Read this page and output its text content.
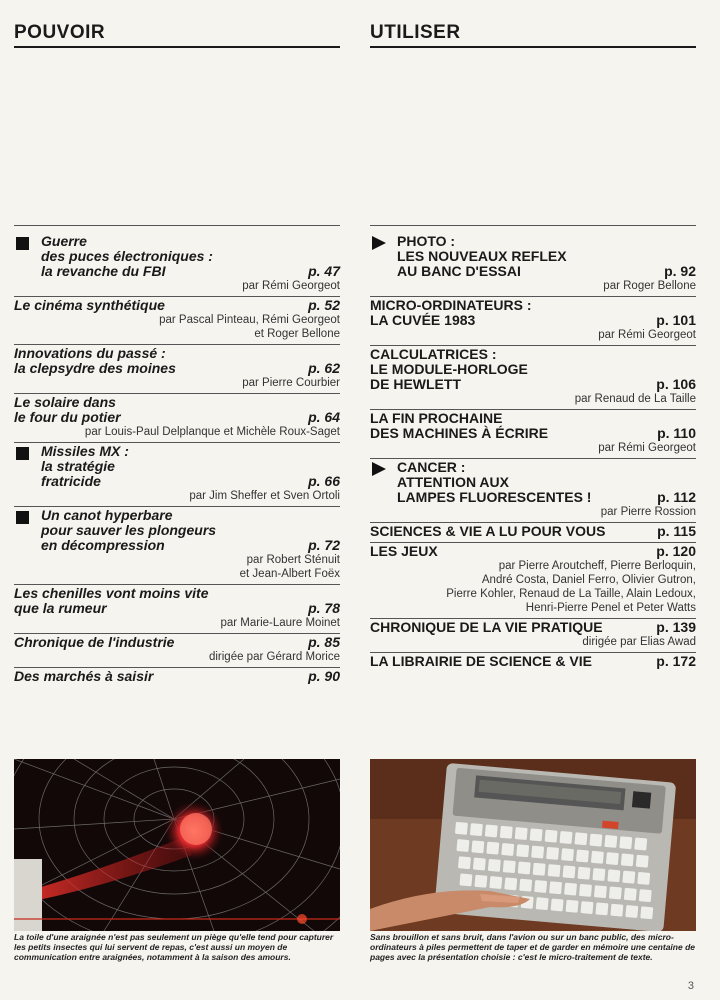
POUVOIR
Guerre
des puces électroniques :
la revanche du FBI	p. 47
par Rémi Georgeot
Le cinéma synthétique	p. 52
par Pascal Pinteau, Rémi Georgeot
et Roger Bellone
Innovations du passé :
la clepsydre des moines	p. 62
par Pierre Courbier
Le solaire dans
le four du potier	p. 64
par Louis-Paul Delplanque et Michèle Roux-Saget
Missiles MX :
la stratégie
fratricide	p. 66
par Jim Sheffer et Sven Ortoli
Un canot hyperbare
pour sauver les plongeurs
en décompression	p. 72
par Robert Sténuit
et Jean-Albert Foëx
Les chenilles vont moins vite
que la rumeur	p. 78
par Marie-Laure Moinet
Chronique de l'industrie	p. 85
dirigée par Gérard Morice
Des marchés à saisir	p. 90
La toile d'une araignée n'est pas seulement un piège qu'elle tend pour capturer les petits insectes qui lui servent de repas, c'est aussi un moyen de communication entre araignées, notamment à la saison des amours.
UTILISER
PHOTO :
LES NOUVEAUX REFLEX
AU BANC D'ESSAI	p. 92
par Roger Bellone
MICRO-ORDINATEURS :
LA CUVÉE 1983	p. 101
par Rémi Georgeot
CALCULATRICES :
LE MODULE-HORLOGE
DE HEWLETT	p. 106
par Renaud de La Taille
LA FIN PROCHAINE
DES MACHINES À ÉCRIRE	p. 110
par Rémi Georgeot
CANCER :
ATTENTION AUX
LAMPES FLUORESCENTES !	p. 112
par Pierre Rossion
SCIENCES & VIE A LU POUR VOUS	p. 115
LES JEUX	p. 120
par Pierre Aroutcheff, Pierre Berloquin,
André Costa, Daniel Ferro, Olivier Gutron,
Pierre Kohler, Renaud de La Taille, Alain Ledoux,
Henri-Pierre Penel et Peter Watts
CHRONIQUE DE LA VIE PRATIQUE	p. 139
dirigée par Elias Awad
LA LIBRAIRIE DE SCIENCE & VIE	p. 172
Sans brouillon et sans bruit, dans l'avion ou sur un banc public, des micro-ordinateurs à piles permettent de taper et de garder en mémoire une centaine de pages avec la présentation choisie : c'est le micro-traitement de texte.
3
